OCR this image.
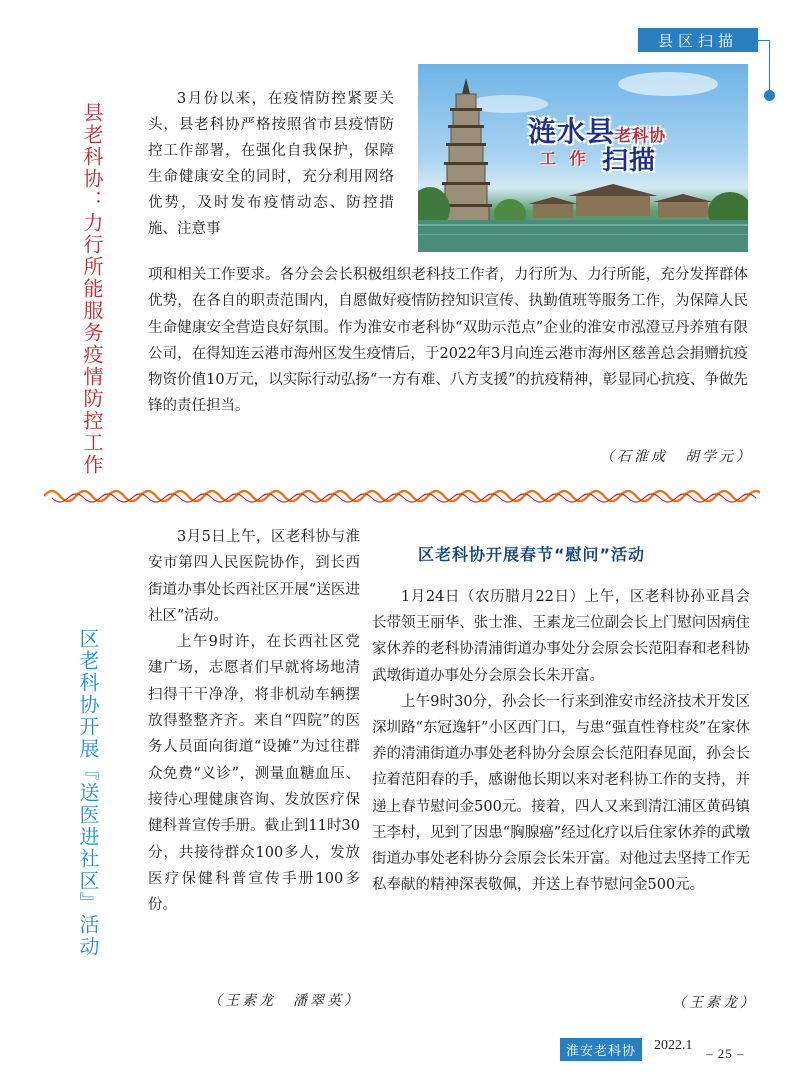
县区扫描
县老科协：力行所能服务疫情防控工作	涟水县老科协
工 作 扫描

3月份以来，在疫情防控紧要关头，县老科协严格按照省市县疫情防控工作部署，在强化自我保护，保障生命健康安全的同时，充分利用网络优势，及时发布疫情动态、防控措施、注意事

项和相关工作要求。各分会会长积极组织老科技工作者，力行所为、力行所能，充分发挥群体优势，在各自的职责范围内，自愿做好疫情防控知识宣传、执勤值班等服务工作，为保障人民生命健康安全营造良好氛围。作为淮安市老科协“双助示范点”企业的淮安市泓澄豆丹养殖有限公司，在得知连云港市海州区发生疫情后，于2022年3月向连云港市海州区慈善总会捐赠抗疫物资价值10万元，以实际行动弘扬“一方有难、八方支援”的抗疫精神，彰显同心抗疫、争做先锋的责任担当。

（石淮成　胡学元）
区老科协开展『送医进社区』活动

3月5日上午，区老科协与淮安市第四人民医院协作，到长西街道办事处长西社区开展“送医进社区”活动。

上午9时许，在长西社区党建广场，志愿者们早就将场地清扫得干干净净，将非机动车辆摆放得整整齐齐。来自“四院”的医务人员面向街道“设摊”为过往群众免费“义诊”，测量血糖血压、接待心理健康咨询、发放医疗保健科普宣传手册。截止到11时30分，共接待群众100多人，发放医疗保健科普宣传手册100多份。

（王素龙　潘翠英）
区老科协开展春节“慰问”活动

1月24日（农历腊月22日）上午，区老科协孙亚昌会长带领王丽华、张士淮、王素龙三位副会长上门慰问因病住家休养的老科协清浦街道办事处分会原会长范阳春和老科协武墩街道办事处分会原会长朱开富。

上午9时30分，孙会长一行来到淮安市经济技术开发区深圳路“东冠逸轩”小区西门口，与患“强直性脊柱炎”在家休养的清浦街道办事处老科协分会原会长范阳春见面，孙会长拉着范阳春的手，感谢他长期以来对老科协工作的支持，并递上春节慰问金500元。接着，四人又来到清江浦区黄码镇王李村，见到了因患“胸腺癌”经过化疗以后住家休养的武墩街道办事处老科协分会原会长朱开富。对他过去坚持工作无私奉献的精神深表敬佩，并送上春节慰问金500元。

（王素龙）
淮安老科协	2022.1
– 25 –
